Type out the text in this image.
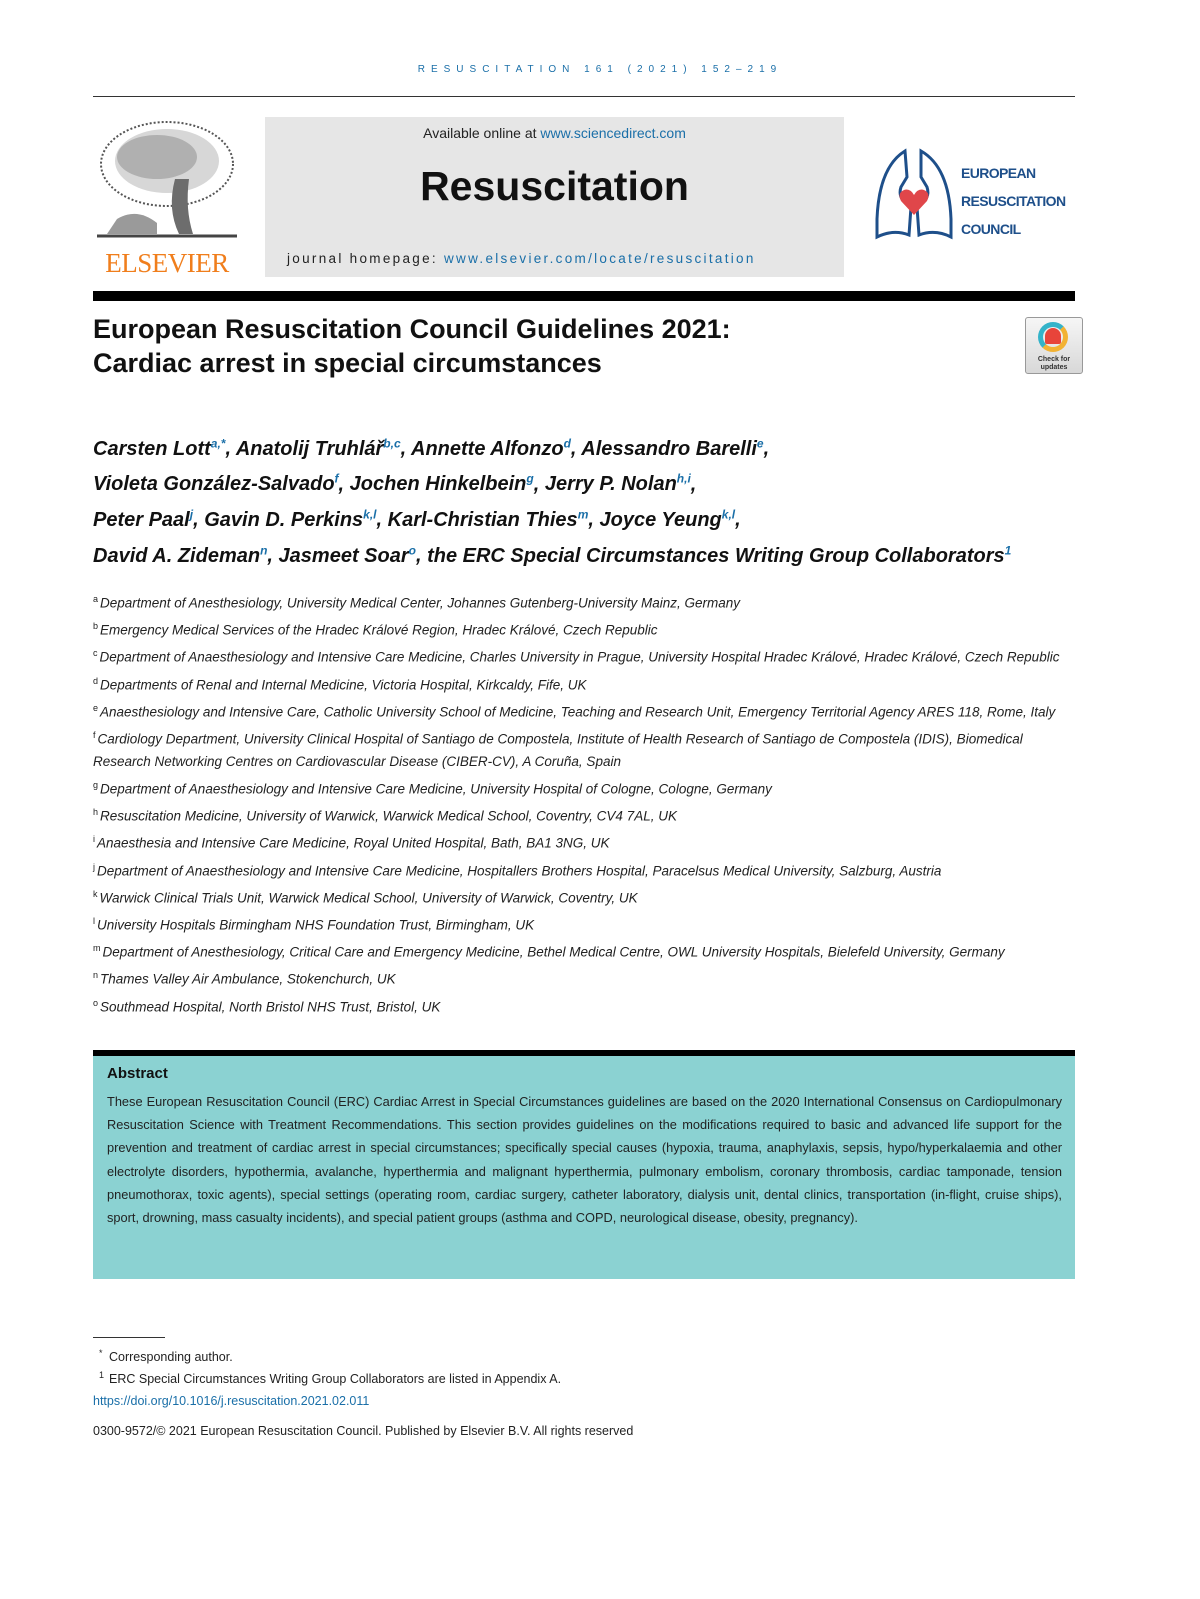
RESUSCITATION 161 (2021) 152–219
ELSEVIER
Available online at www.sciencedirect.com
Resuscitation
journal homepage: www.elsevier.com/locate/resuscitation
EUROPEAN
RESUSCITATION
COUNCIL
European Resuscitation Council Guidelines 2021:
Cardiac arrest in special circumstances	Check for updates
Carsten Lott$^{a,*}$, Anatolij Truhlář$^{b,c}$, Annette Alfonzo$^d$, Alessandro Barelli$^e$,
Violeta González-Salvado$^f$, Jochen Hinkelbein$^g$, Jerry P. Nolan$^{h,i}$,
Peter Paal$^j$, Gavin D. Perkins$^{k,l}$, Karl-Christian Thies$^m$, Joyce Yeung$^{k,l}$,
David A. Zideman$^n$, Jasmeet Soar$^o$, the ERC Special Circumstances Writing Group Collaborators$^1$
$^a$ Department of Anesthesiology, University Medical Center, Johannes Gutenberg-University Mainz, Germany
$^b$ Emergency Medical Services of the Hradec Králové Region, Hradec Králové, Czech Republic
$^c$ Department of Anaesthesiology and Intensive Care Medicine, Charles University in Prague, University Hospital Hradec Králové, Hradec Králové, Czech Republic
$^d$ Departments of Renal and Internal Medicine, Victoria Hospital, Kirkcaldy, Fife, UK
$^e$ Anaesthesiology and Intensive Care, Catholic University School of Medicine, Teaching and Research Unit, Emergency Territorial Agency ARES 118, Rome, Italy
$^f$ Cardiology Department, University Clinical Hospital of Santiago de Compostela, Institute of Health Research of Santiago de Compostela (IDIS), Biomedical Research Networking Centres on Cardiovascular Disease (CIBER-CV), A Coruña, Spain
$^g$ Department of Anaesthesiology and Intensive Care Medicine, University Hospital of Cologne, Cologne, Germany
$^h$ Resuscitation Medicine, University of Warwick, Warwick Medical School, Coventry, CV4 7AL, UK
$^i$ Anaesthesia and Intensive Care Medicine, Royal United Hospital, Bath, BA1 3NG, UK
$^j$ Department of Anaesthesiology and Intensive Care Medicine, Hospitallers Brothers Hospital, Paracelsus Medical University, Salzburg, Austria
$^k$ Warwick Clinical Trials Unit, Warwick Medical School, University of Warwick, Coventry, UK
$^l$ University Hospitals Birmingham NHS Foundation Trust, Birmingham, UK
$^m$ Department of Anesthesiology, Critical Care and Emergency Medicine, Bethel Medical Centre, OWL University Hospitals, Bielefeld University, Germany
$^n$ Thames Valley Air Ambulance, Stokenchurch, UK
$^o$ Southmead Hospital, North Bristol NHS Trust, Bristol, UK
Abstract

These European Resuscitation Council (ERC) Cardiac Arrest in Special Circumstances guidelines are based on the 2020 International Consensus on Cardiopulmonary Resuscitation Science with Treatment Recommendations. This section provides guidelines on the modifications required to basic and advanced life support for the prevention and treatment of cardiac arrest in special circumstances; specifically special causes (hypoxia, trauma, anaphylaxis, sepsis, hypo/hyperkalaemia and other electrolyte disorders, hypothermia, avalanche, hyperthermia and malignant hyperthermia, pulmonary embolism, coronary thrombosis, cardiac tamponade, tension pneumothorax, toxic agents), special settings (operating room, cardiac surgery, catheter laboratory, dialysis unit, dental clinics, transportation (in-flight, cruise ships), sport, drowning, mass casualty incidents), and special patient groups (asthma and COPD, neurological disease, obesity, pregnancy).

* Corresponding author.
1 ERC Special Circumstances Writing Group Collaborators are listed in Appendix A.
https://doi.org/10.1016/j.resuscitation.2021.02.011
0300-9572/© 2021 European Resuscitation Council. Published by Elsevier B.V. All rights reserved
